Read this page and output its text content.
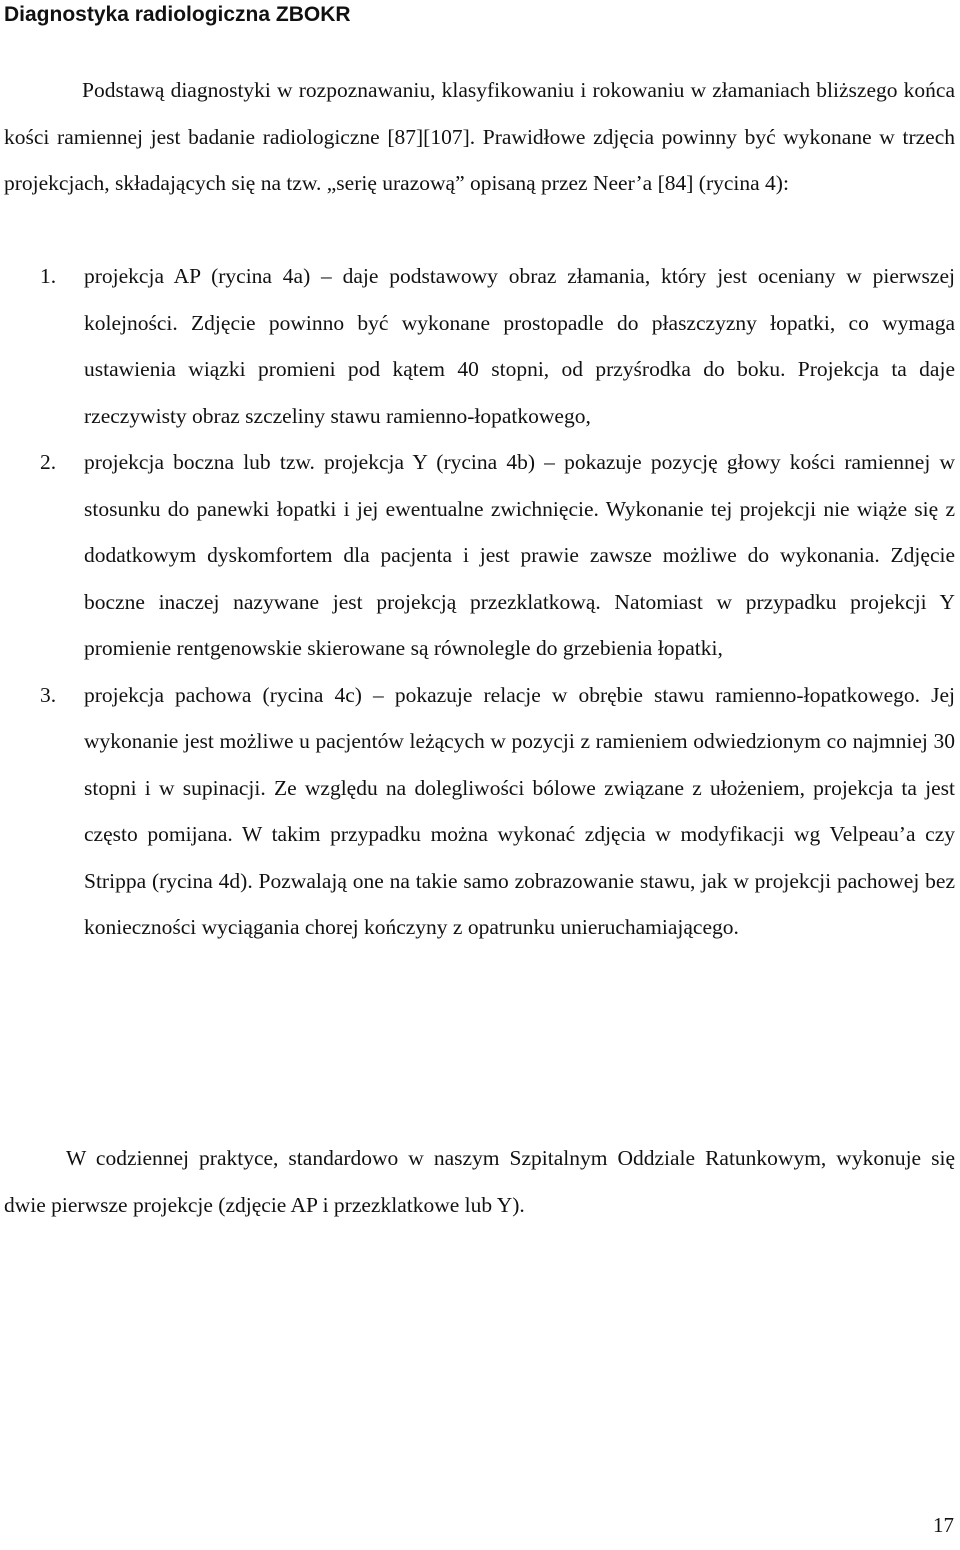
Diagnostyka radiologiczna ZBOKR

Podstawą diagnostyki w rozpoznawaniu, klasyfikowaniu i rokowaniu w złamaniach bliższego końca kości ramiennej jest badanie radiologiczne [87][107]. Prawidłowe zdjęcia powinny być wykonane w trzech projekcjach, składających się na tzw. „serię urazową” opisaną przez Neer’a [84] (rycina 4):

1. projekcja AP (rycina 4a) – daje podstawowy obraz złamania, który jest oceniany w pierwszej kolejności. Zdjęcie powinno być wykonane prostopadle do płaszczyzny łopatki, co wymaga ustawienia wiązki promieni pod kątem 40 stopni, od przyśrodka do boku. Projekcja ta daje rzeczywisty obraz szczeliny stawu ramienno-łopatkowego,
2. projekcja boczna lub tzw. projekcja Y (rycina 4b) – pokazuje pozycję głowy kości ramiennej w stosunku do panewki łopatki i jej ewentualne zwichnięcie. Wykonanie tej projekcji nie wiąże się z dodatkowym dyskomfortem dla pacjenta i jest prawie zawsze możliwe do wykonania. Zdjęcie boczne inaczej nazywane jest projekcją przezklatkową. Natomiast w przypadku projekcji Y promienie rentgenowskie skierowane są równolegle do grzebienia łopatki,
3. projekcja pachowa (rycina 4c) – pokazuje relacje w obrębie stawu ramienno-łopatkowego. Jej wykonanie jest możliwe u pacjentów leżących w pozycji z ramieniem odwiedzionym co najmniej 30 stopni i w supinacji. Ze względu na dolegliwości bólowe związane z ułożeniem, projekcja ta jest często pomijana. W takim przypadku można wykonać zdjęcia w modyfikacji wg Velpeau’a czy Strippa (rycina 4d). Pozwalają one na takie samo zobrazowanie stawu, jak w projekcji pachowej bez konieczności wyciągania chorej kończyny z opatrunku unieruchamiającego.

W codziennej praktyce, standardowo w naszym Szpitalnym Oddziale Ratunkowym, wykonuje się dwie pierwsze projekcje (zdjęcie AP i przezklatkowe lub Y).

17
